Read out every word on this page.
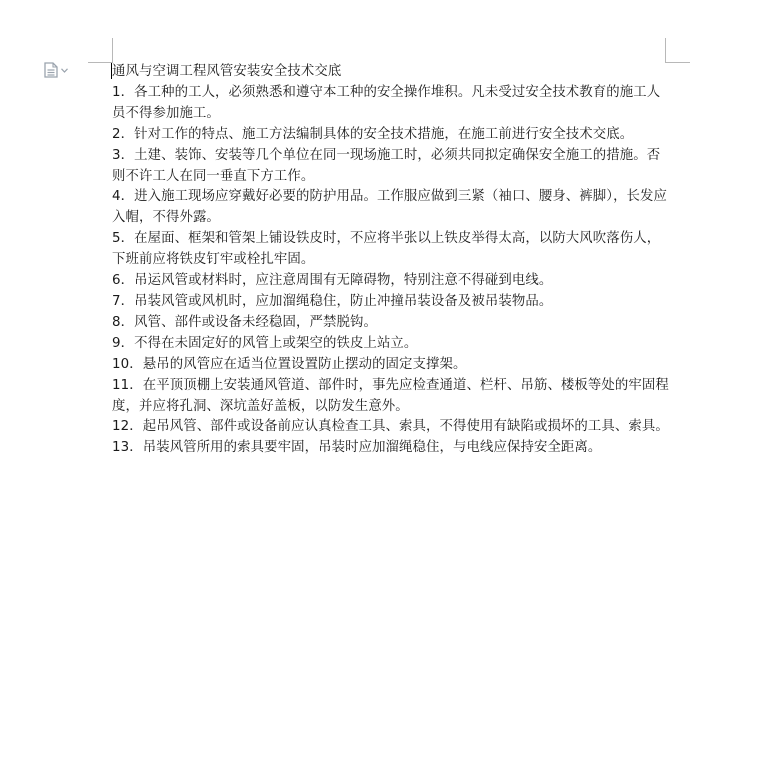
通风与空调工程风管安装安全技术交底

1．各工种的工人，必须熟悉和遵守本工种的安全操作堆积。凡未受过安全技术教育的施工人员不得参加施工。

2．针对工作的特点、施工方法编制具体的安全技术措施，在施工前进行安全技术交底。

3．土建、装饰、安装等几个单位在同一现场施工时，必须共同拟定确保安全施工的措施。否则不许工人在同一垂直下方工作。

4．进入施工现场应穿戴好必要的防护用品。工作服应做到三紧（袖口、腰身、裤脚），长发应入帽，不得外露。

5．在屋面、框架和管架上铺设铁皮时，不应将半张以上铁皮举得太高，以防大风吹落伤人，下班前应将铁皮钉牢或栓扎牢固。

6．吊运风管或材料时，应注意周围有无障碍物，特别注意不得碰到电线。

7．吊装风管或风机时，应加溜绳稳住，防止冲撞吊装设备及被吊装物品。

8．风管、部件或设备未经稳固，严禁脱钩。

9．不得在未固定好的风管上或架空的铁皮上站立。

10．悬吊的风管应在适当位置设置防止摆动的固定支撑架。

11．在平顶顶棚上安装通风管道、部件时，事先应检查通道、栏杆、吊筋、楼板等处的牢固程度，并应将孔洞、深坑盖好盖板，以防发生意外。

12．起吊风管、部件或设备前应认真检查工具、索具，不得使用有缺陷或损坏的工具、索具。

13．吊装风管所用的索具要牢固，吊装时应加溜绳稳住，与电线应保持安全距离。
